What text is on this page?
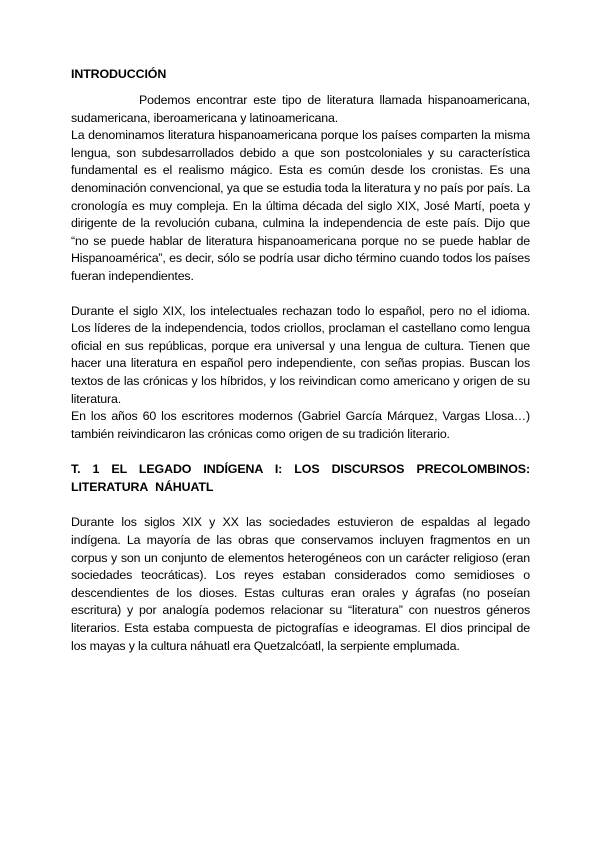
INTRODUCCIÓN

Podemos encontrar este tipo de literatura llamada hispanoamericana, sudamericana, iberoamericana y latinoamericana.

La denominamos literatura hispanoamericana porque los países comparten la misma lengua, son subdesarrollados debido a que son postcoloniales y su característica fundamental es el realismo mágico. Esta es común desde los cronistas. Es una denominación convencional, ya que se estudia toda la literatura y no país por país. La cronología es muy compleja. En la última década del siglo XIX, José Martí, poeta y dirigente de la revolución cubana, culmina la independencia de este país. Dijo que “no se puede hablar de literatura hispanoamericana porque no se puede hablar de Hispanoamérica”, es decir, sólo se podría usar dicho término cuando todos los países fueran independientes.

Durante el siglo XIX, los intelectuales rechazan todo lo español, pero no el idioma. Los líderes de la independencia, todos criollos, proclaman el castellano como lengua oficial en sus repúblicas, porque era universal y una lengua de cultura. Tienen que hacer una literatura en español pero independiente, con señas propias. Buscan los textos de las crónicas y los híbridos, y los reivindican como americano y origen de su literatura.

En los años 60 los escritores modernos (Gabriel García Márquez, Vargas Llosa…) también reivindicaron las crónicas como origen de su tradición literario.

T. 1 EL LEGADO INDÍGENA I: LOS DISCURSOS PRECOLOMBINOS: LITERATURA NÁHUATL

Durante los siglos XIX y XX las sociedades estuvieron de espaldas al legado indígena. La mayoría de las obras que conservamos incluyen fragmentos en un corpus y son un conjunto de elementos heterogéneos con un carácter religioso (eran sociedades teocráticas). Los reyes estaban considerados como semidioses o descendientes de los dioses. Estas culturas eran orales y ágrafas (no poseían escritura) y por analogía podemos relacionar su “literatura” con nuestros géneros literarios. Esta estaba compuesta de pictografías e ideogramas. El dios principal de los mayas y la cultura náhuatl era Quetzalcóatl, la serpiente emplumada.
